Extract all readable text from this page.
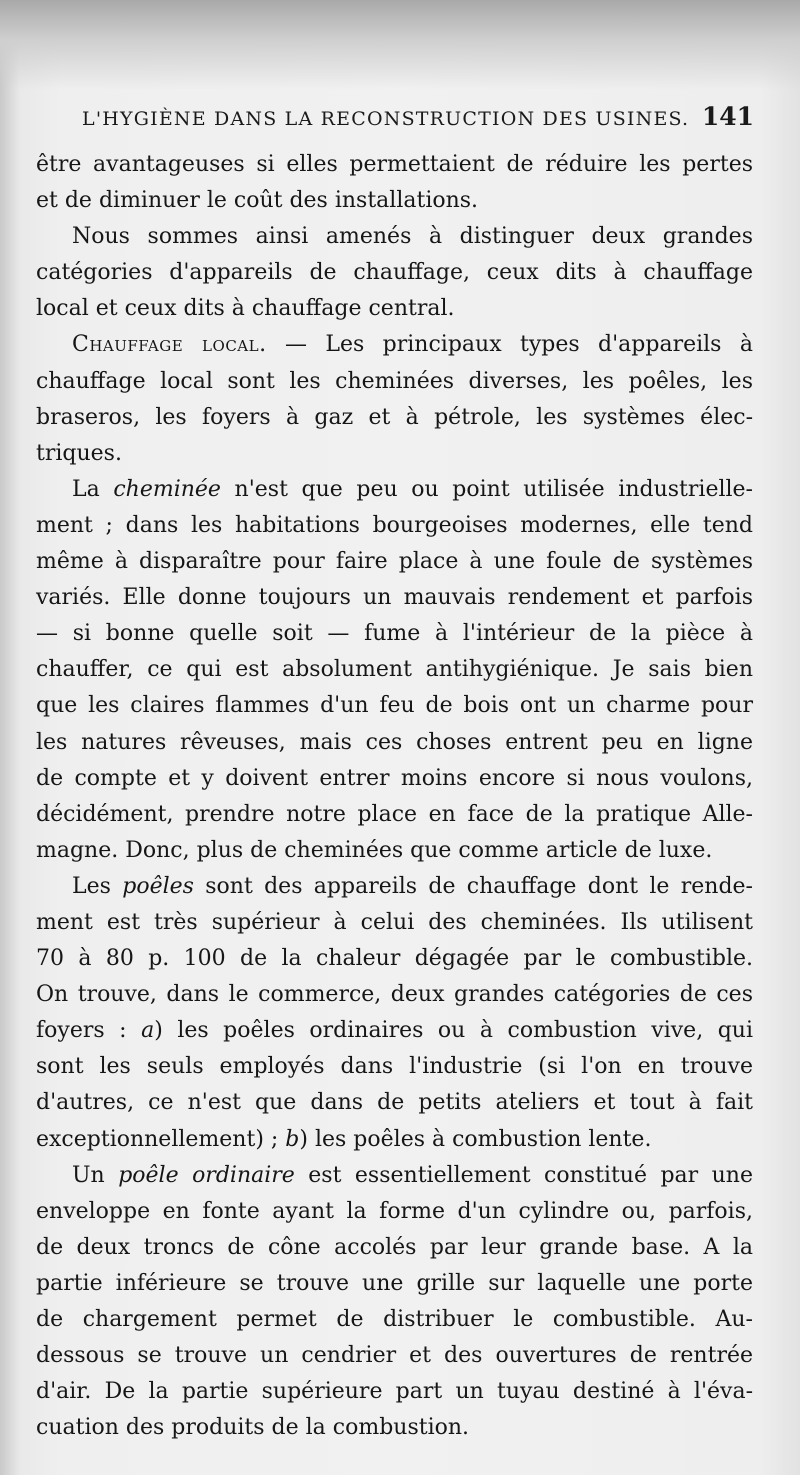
L'HYGIÈNE DANS LA RECONSTRUCTION DES USINES. 141

être avantageuses si elles permettaient de réduire les pertes
et de diminuer le coût des installations.

Nous sommes ainsi amenés à distinguer deux grandes
catégories d'appareils de chauffage, ceux dits à chauffage
local et ceux dits à chauffage central.

Chauffage local. — Les principaux types d'appareils à
chauffage local sont les cheminées diverses, les poêles, les
braseros, les foyers à gaz et à pétrole, les systèmes élec-
triques.

La cheminée n'est que peu ou point utilisée industrielle-
ment ; dans les habitations bourgeoises modernes, elle tend
même à disparaître pour faire place à une foule de systèmes
variés. Elle donne toujours un mauvais rendement et parfois
— si bonne quelle soit — fume à l'intérieur de la pièce à
chauffer, ce qui est absolument antihygiénique. Je sais bien
que les claires flammes d'un feu de bois ont un charme pour
les natures rêveuses, mais ces choses entrent peu en ligne
de compte et y doivent entrer moins encore si nous voulons,
décidément, prendre notre place en face de la pratique Alle-
magne. Donc, plus de cheminées que comme article de luxe.

Les poêles sont des appareils de chauffage dont le rende-
ment est très supérieur à celui des cheminées. Ils utilisent
70 à 80 p. 100 de la chaleur dégagée par le combustible.
On trouve, dans le commerce, deux grandes catégories de ces
foyers : a) les poêles ordinaires ou à combustion vive, qui
sont les seuls employés dans l'industrie (si l'on en trouve
d'autres, ce n'est que dans de petits ateliers et tout à fait
exceptionnellement) ; b) les poêles à combustion lente.

Un poêle ordinaire est essentiellement constitué par une
enveloppe en fonte ayant la forme d'un cylindre ou, parfois,
de deux troncs de cône accolés par leur grande base. A la
partie inférieure se trouve une grille sur laquelle une porte
de chargement permet de distribuer le combustible. Au-
dessous se trouve un cendrier et des ouvertures de rentrée
d'air. De la partie supérieure part un tuyau destiné à l'éva-
cuation des produits de la combustion.
